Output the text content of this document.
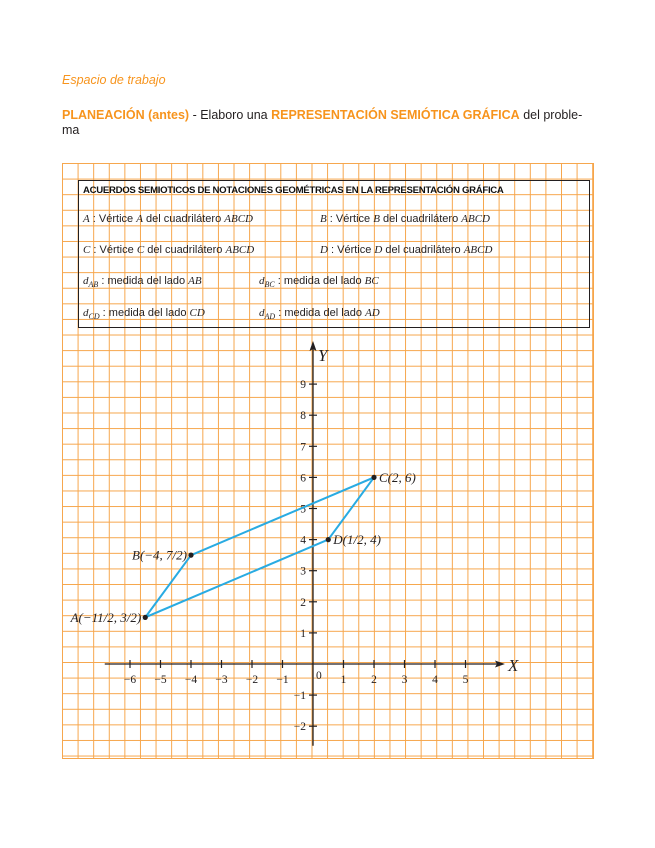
Espacio de trabajo
PLANEACIÓN (antes) - Elaboro una REPRESENTACIÓN SEMIÓTICA GRÁFICA del proble-ma
ACUERDOS SEMIOTICOS DE NOTACIONES GEOMÉTRICAS EN LA REPRESENTACIÓN GRÁFICA
A : Vértice A del cuadrilátero ABCD	B : Vértice B del cuadrilátero ABCD
C : Vértice C del cuadrilátero ABCD	D : Vértice D del cuadrilátero ABCD
$d_{AB}$ : medida del lado AB	$d_{BC}$ : medida del lado BC
$d_{CD}$ : medida del lado CD	$d_{AD}$ : medida del lado AD
X
Y
−6 −5 −4 −3 −2 −1	1 2 3 4 5
−2
−1
1
2
3
4
5
6
7
8
9
0
A(−11/2, 3/2)
B(−4, 7/2)
C(2, 6)
D(1/2, 4)
